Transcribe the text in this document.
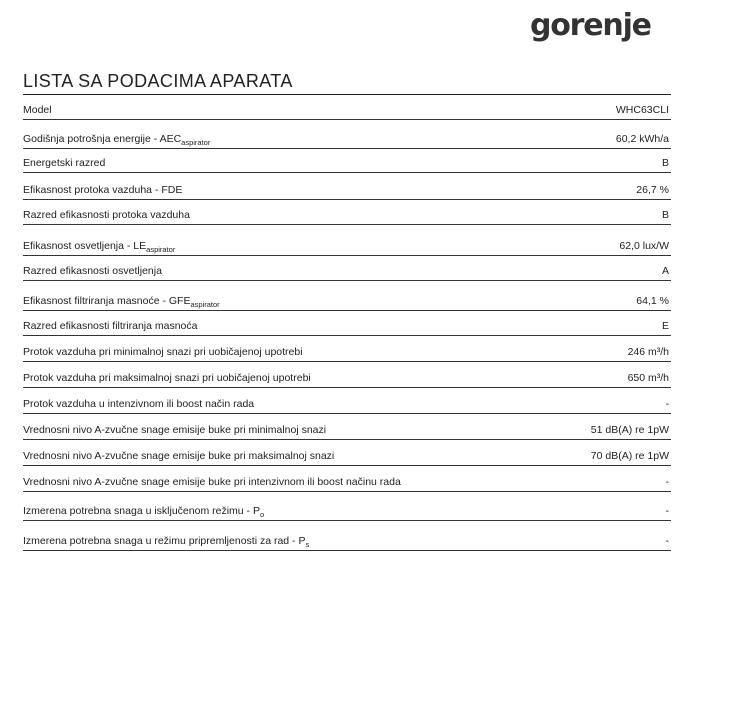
gorenje
LISTA SA PODACIMA APARATA
Model	WHC63CLI
Godišnja potrošnja energije - $AEC_{aspirator}$	60,2 kWh/a
Energetski razred	B
Efikasnost protoka vazduha - FDE	26,7 %
Razred efikasnosti protoka vazduha	B
Efikasnost osvetljenja - $LE_{aspirator}$	62,0 lux/W
Razred efikasnosti osvetljenja	A
Efikasnost filtriranja masnoće - $GFE_{aspirator}$	64,1 %
Razred efikasnosti filtriranja masnoća	E
Protok vazduha pri minimalnoj snazi pri uobičajenoj upotrebi	246 m³/h
Protok vazduha pri maksimalnoj snazi pri uobičajenoj upotrebi	650 m³/h
Protok vazduha u intenzivnom ili boost način rada	-
Vrednosni nivo A-zvučne snage emisije buke pri minimalnoj snazi	51 dB(A) re 1pW
Vrednosni nivo A-zvučne snage emisije buke pri maksimalnoj snazi	70 dB(A) re 1pW
Vrednosni nivo A-zvučne snage emisije buke pri intenzivnom ili boost načinu rada	-
Izmerena potrebna snaga u isključenom režimu - $P_o$	-
Izmerena potrebna snaga u režimu pripremljenosti za rad - $P_s$	-
